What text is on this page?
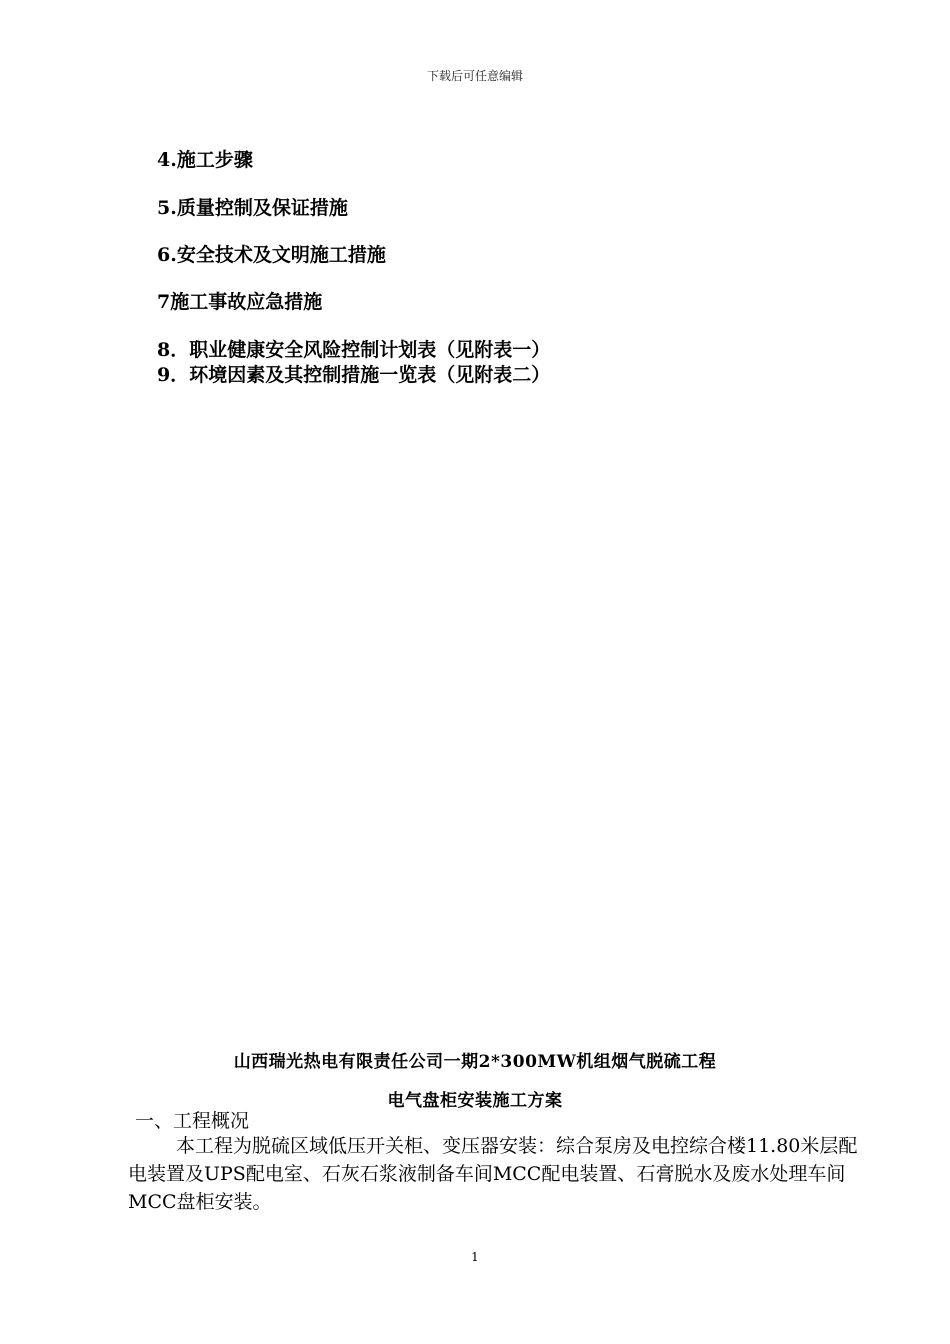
下载后可任意编辑
4.施工步骤
5.质量控制及保证措施
6.安全技术及文明施工措施
7施工事故应急措施
8．职业健康安全风险控制计划表（见附表一）
9．环境因素及其控制措施一览表（见附表二）
山西瑞光热电有限责任公司一期2*300MW机组烟气脱硫工程
电气盘柜安装施工方案
一、工程概况
本工程为脱硫区域低压开关柜、变压器安装：综合泵房及电控综合楼11.80米层配电装置及UPS配电室、石灰石浆液制备车间MCC配电装置、石膏脱水及废水处理车间MCC盘柜安装。
1
